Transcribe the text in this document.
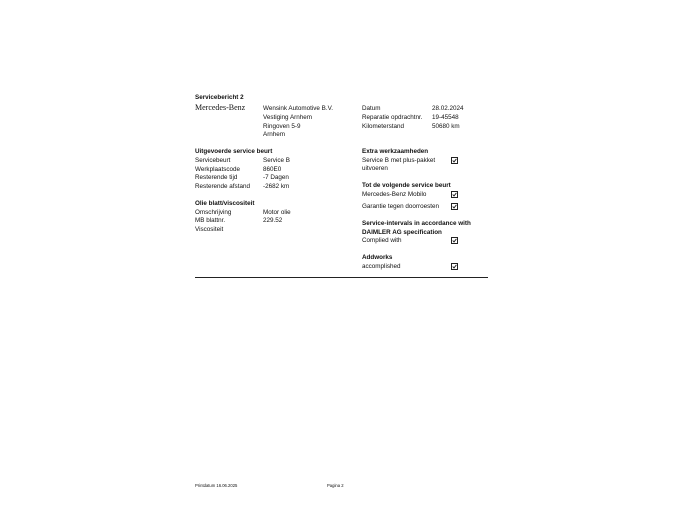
Servicebericht 2
Mercedes-Benz	Wensink Automotive B.V.
Vestiging Arnhem
Ringoven 5-9
Arnhem
Datum	28.02.2024
Reparatie opdrachtnr. 19-45548
Kilometerstand	50680 km
Uitgevoerde service beurt
Servicebeurt	Service B
Werkplaatscode	860E0
Resterende tijd	-7 Dagen
Resterende afstand -2682 km
Olie blatt/viscositeit
Omschrijving	Motor olie
MB blattnr.	229.52
Viscositeit
Extra werkzaamheden
Service B met plus-pakket
uitvoeren
Tot de volgende service beurt
Mercedes-Benz Mobilo
Garantie tegen doorroesten
Service-intervals in accordance with
DAIMLER AG specification
Complied with
Addworks
accomplished
Printdatum 16.06.2025	Pagina 2
